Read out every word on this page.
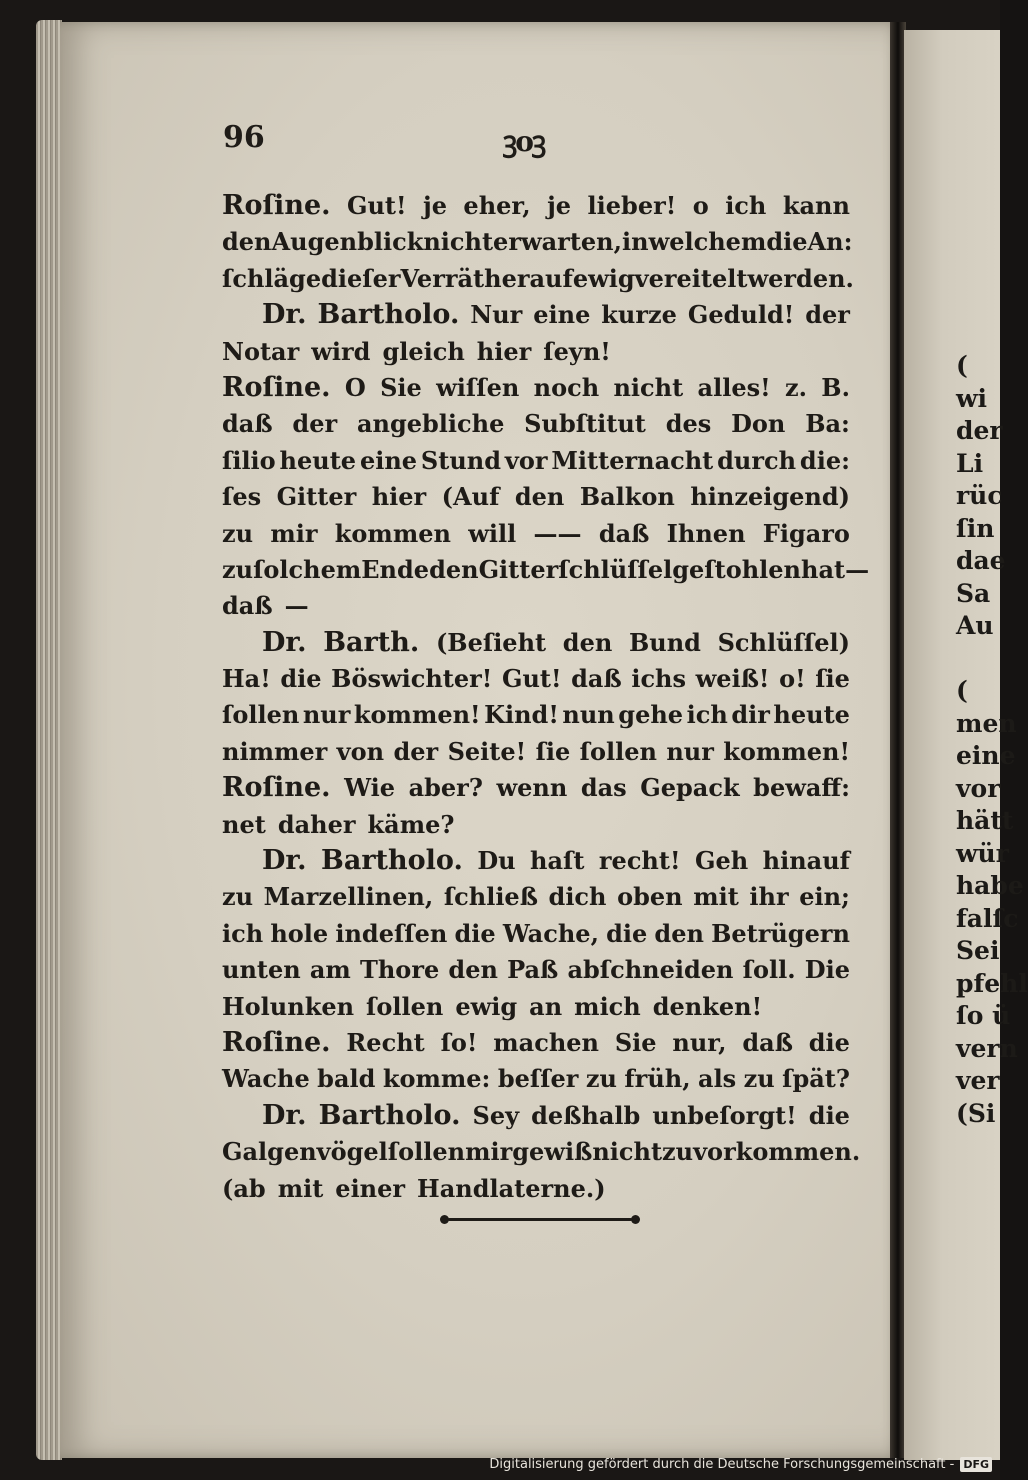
(
wi
der
Li
rüc
ſin
dae
Sa
Au
(
men
eine
vor
hätt
wür
habe
falſc
Sei
pfehl
ſo ü
vern
ver
(Si
96	ꝫoꝫ
Roſine. Gut! je eher, je lieber! o ich kann
den Augenblick nicht erwarten, in welchem die An:
ſchläge dieſer Verräther auf ewig vereitelt werden.
Dr. Bartholo. Nur eine kurze Geduld! der
Notar wird gleich hier ſeyn!
Roſine. O Sie wiſſen noch nicht alles! z. B.
daß der angebliche Subſtitut des Don Ba:
ſilio heute eine Stund vor Mitternacht durch die:
ſes Gitter hier (Auf den Balkon hinzeigend)
zu mir kommen will —— daß Ihnen Figaro
zu ſolchem Ende den Gitterſchlüſſel geſtohlen hat —
daß —
Dr. Barth. (Beſieht den Bund Schlüſſel)
Ha! die Böswichter! Gut! daß ichs weiß! o! ſie
ſollen nur kommen! Kind! nun gehe ich dir heute
nimmer von der Seite! ſie ſollen nur kommen!
Roſine. Wie aber? wenn das Gepack bewaff:
net daher käme?
Dr. Bartholo. Du haſt recht! Geh hinauf
zu Marzellinen, ſchließ dich oben mit ihr ein;
ich hole indeſſen die Wache, die den Betrügern
unten am Thore den Paß abſchneiden ſoll. Die
Holunken ſollen ewig an mich denken!
Roſine. Recht ſo! machen Sie nur, daß die
Wache bald komme: beſſer zu früh, als zu ſpät?
Dr. Bartholo. Sey deßhalb unbeſorgt! die
Galgenvögel ſollen mir gewiß nicht zuvorkommen.
(ab mit einer Handlaterne.)
Digitalisierung gefördert durch die Deutsche Forschungsgemeinschaft - DFG
